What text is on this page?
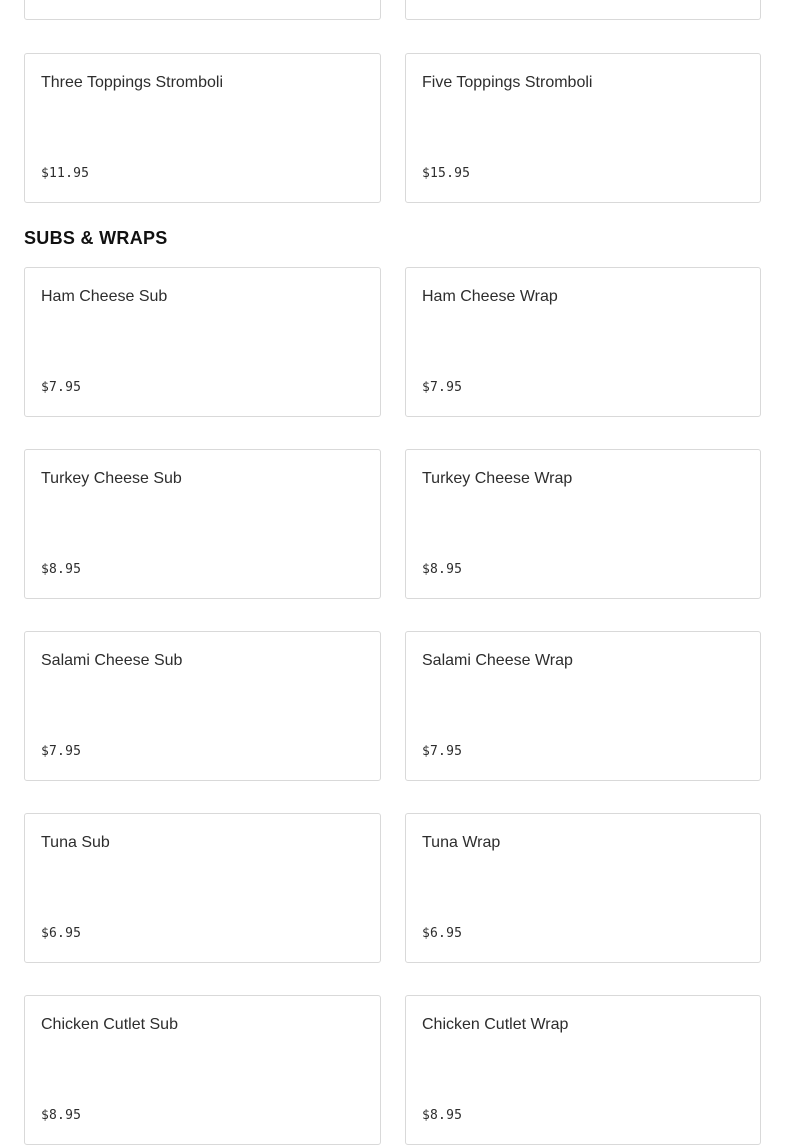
Three Toppings Stromboli
$11.95
Five Toppings Stromboli
$15.95
SUBS & WRAPS
Ham Cheese Sub
$7.95
Ham Cheese Wrap
$7.95
Turkey Cheese Sub
$8.95
Turkey Cheese Wrap
$8.95
Salami Cheese Sub
$7.95
Salami Cheese Wrap
$7.95
Tuna Sub
$6.95
Tuna Wrap
$6.95
Chicken Cutlet Sub
$8.95
Chicken Cutlet Wrap
$8.95
